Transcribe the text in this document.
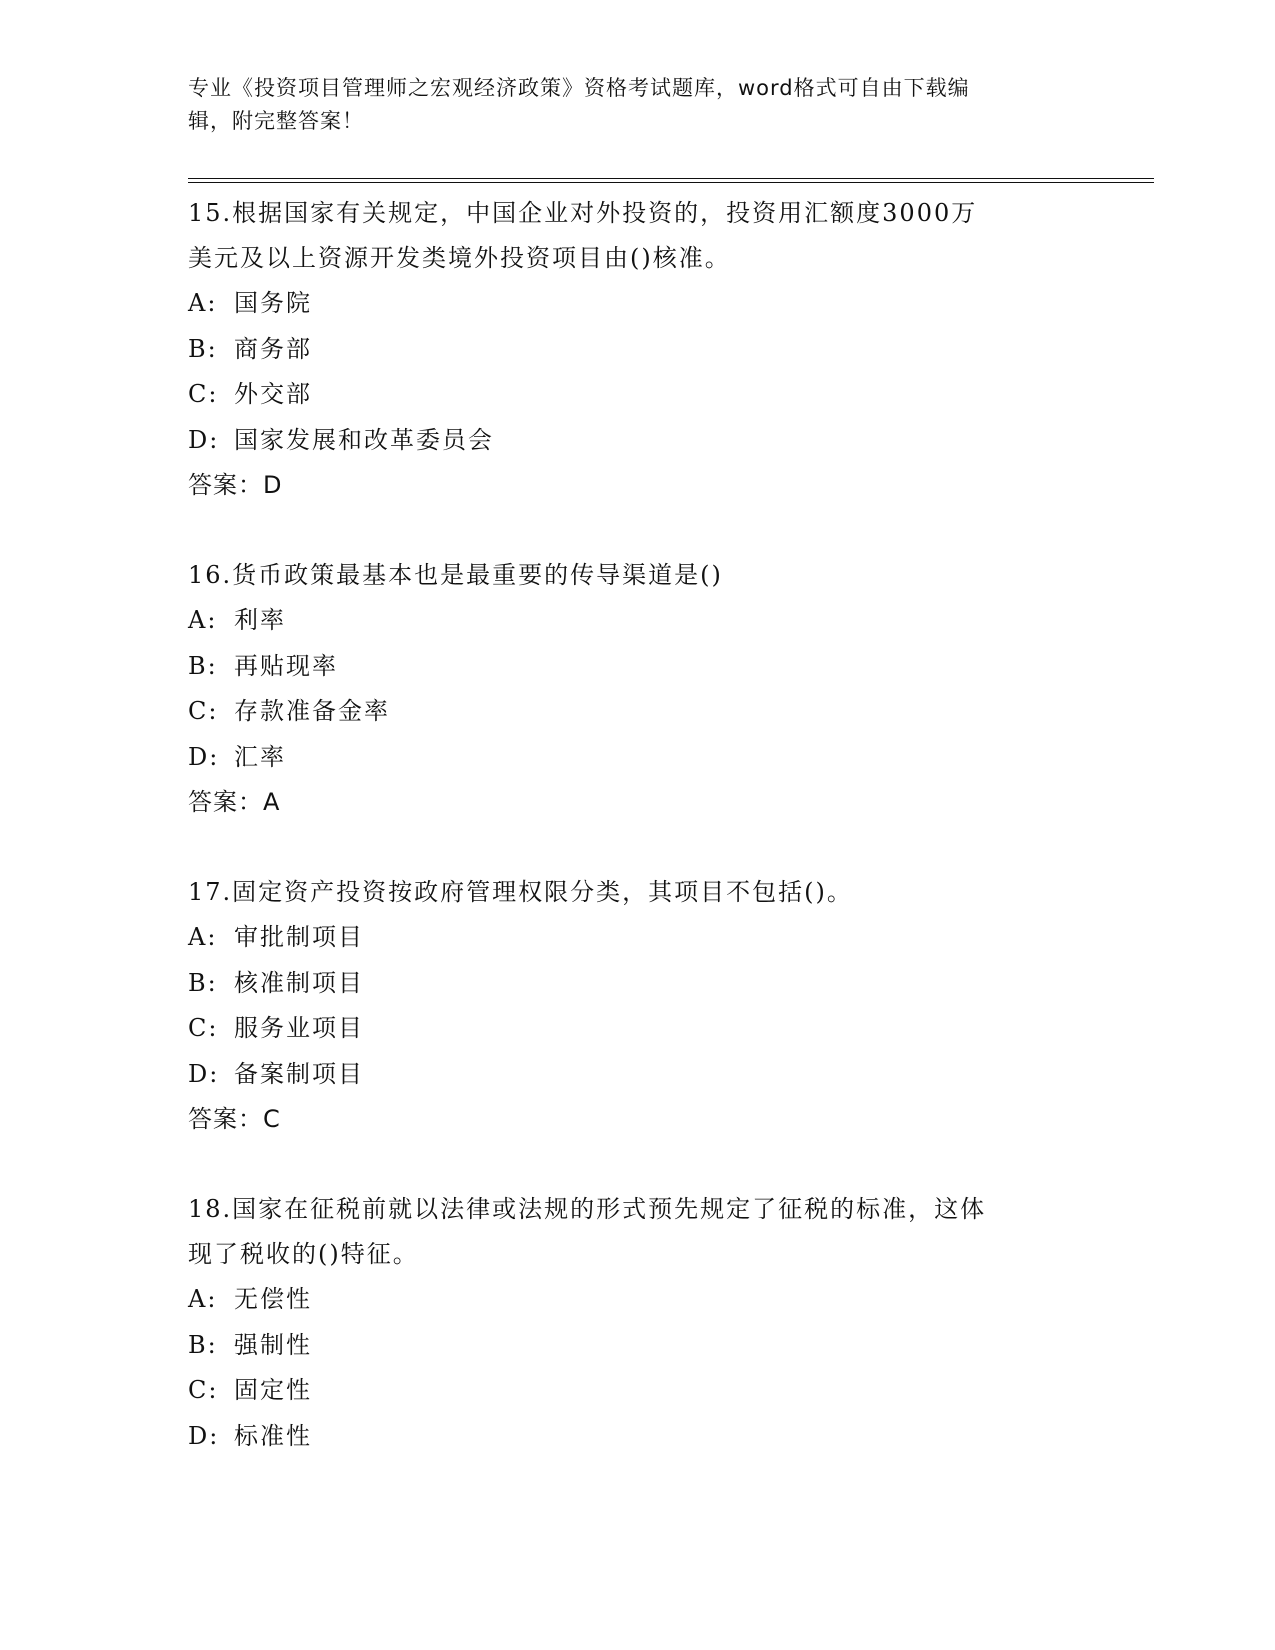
专业《投资项目管理师之宏观经济政策》资格考试题库，word格式可自由下载编
辑，附完整答案！

15.根据国家有关规定，中国企业对外投资的，投资用汇额度3000万

美元及以上资源开发类境外投资项目由()核准。

A: 国务院

B: 商务部

C: 外交部

D: 国家发展和改革委员会

答案：D

16.货币政策最基本也是最重要的传导渠道是()

A: 利率

B: 再贴现率

C: 存款准备金率

D: 汇率

答案：A

17.固定资产投资按政府管理权限分类，其项目不包括()。

A: 审批制项目

B: 核准制项目

C: 服务业项目

D: 备案制项目

答案：C

18.国家在征税前就以法律或法规的形式预先规定了征税的标准，这体

现了税收的()特征。

A: 无偿性

B: 强制性

C: 固定性

D: 标准性
